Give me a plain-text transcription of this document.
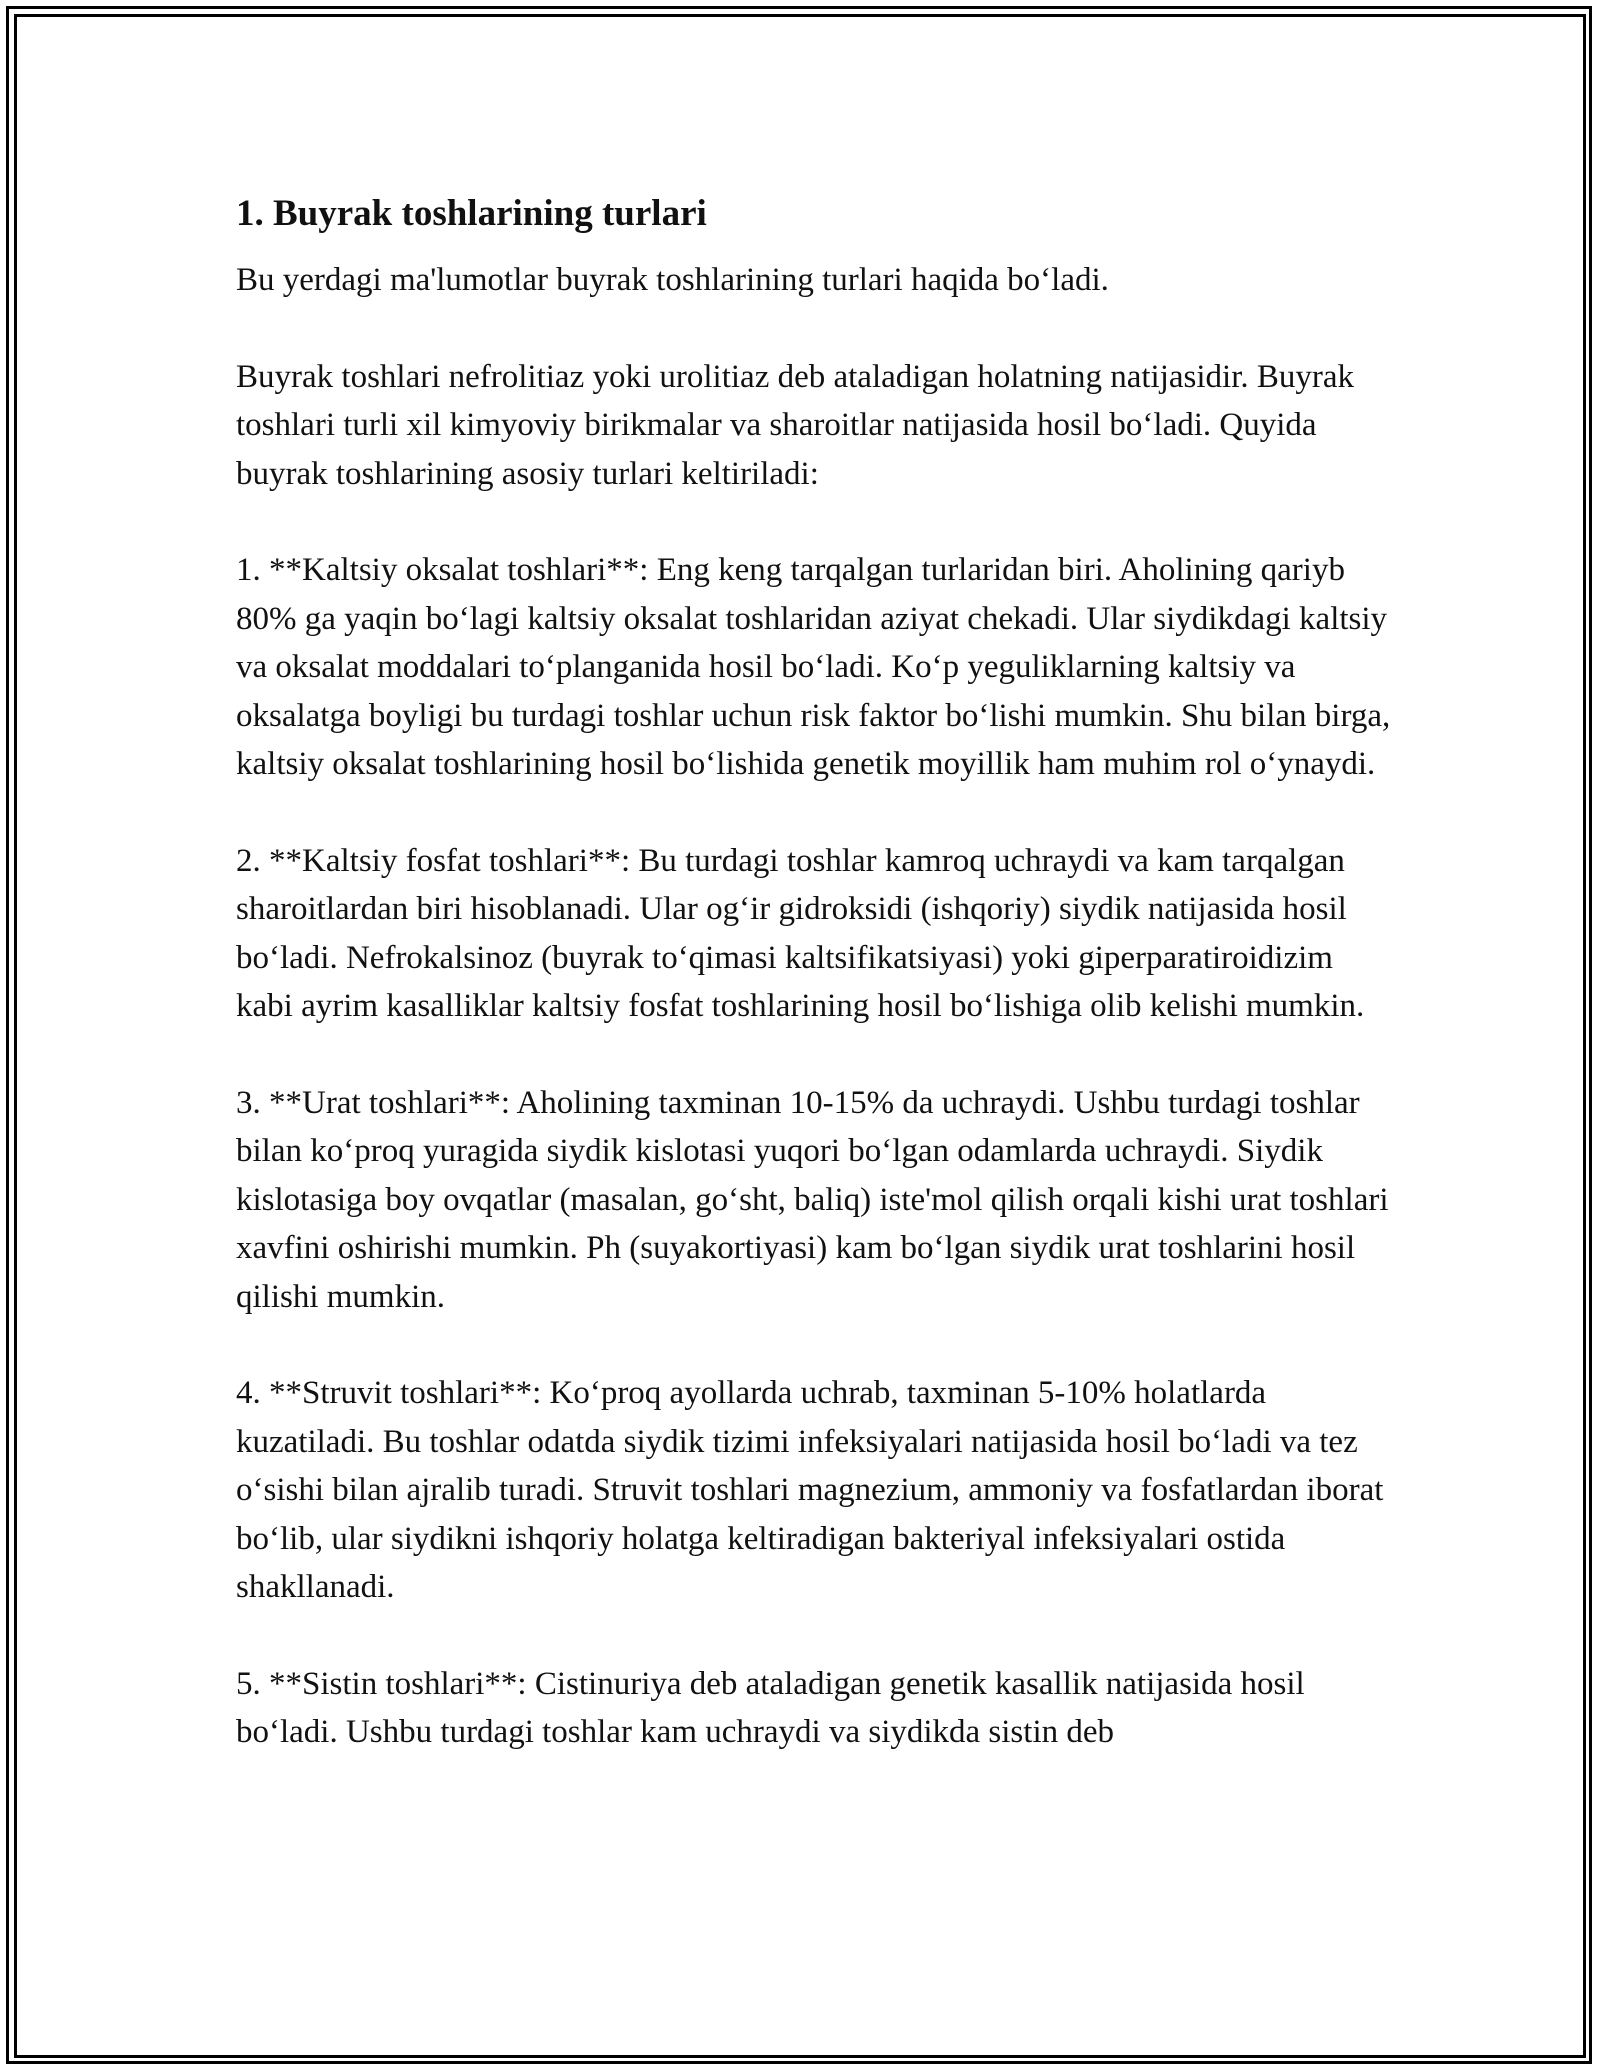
1. Buyrak toshlarining turlari

Bu yerdagi ma'lumotlar buyrak toshlarining turlari haqida bo‘ladi.

Buyrak toshlari nefrolitiaz yoki urolitiaz deb ataladigan holatning natijasidir. Buyrak toshlari turli xil kimyoviy birikmalar va sharoitlar natijasida hosil bo‘ladi. Quyida buyrak toshlarining asosiy turlari keltiriladi:

1. **Kaltsiy oksalat toshlari**: Eng keng tarqalgan turlaridan biri. Aholining qariyb 80% ga yaqin bo‘lagi kaltsiy oksalat toshlaridan aziyat chekadi. Ular siydikdagi kaltsiy va oksalat moddalari to‘planganida hosil bo‘ladi. Ko‘p yeguliklarning kaltsiy va oksalatga boyligi bu turdagi toshlar uchun risk faktor bo‘lishi mumkin. Shu bilan birga, kaltsiy oksalat toshlarining hosil bo‘lishida genetik moyillik ham muhim rol o‘ynaydi.

2. **Kaltsiy fosfat toshlari**: Bu turdagi toshlar kamroq uchraydi va kam tarqalgan sharoitlardan biri hisoblanadi. Ular og‘ir gidroksidi (ishqoriy) siydik natijasida hosil bo‘ladi. Nefrokalsinoz (buyrak to‘qimasi kaltsifikatsiyasi) yoki giperparatiroidizim kabi ayrim kasalliklar kaltsiy fosfat toshlarining hosil bo‘lishiga olib kelishi mumkin.

3. **Urat toshlari**: Aholining taxminan 10-15% da uchraydi. Ushbu turdagi toshlar bilan ko‘proq yuragida siydik kislotasi yuqori bo‘lgan odamlarda uchraydi. Siydik kislotasiga boy ovqatlar (masalan, go‘sht, baliq) iste'mol qilish orqali kishi urat toshlari xavfini oshirishi mumkin. Ph (suyakortiyasi) kam bo‘lgan siydik urat toshlarini hosil qilishi mumkin.

4. **Struvit toshlari**: Ko‘proq ayollarda uchrab, taxminan 5-10% holatlarda kuzatiladi. Bu toshlar odatda siydik tizimi infeksiyalari natijasida hosil bo‘ladi va tez o‘sishi bilan ajralib turadi. Struvit toshlari magnezium, ammoniy va fosfatlardan iborat bo‘lib, ular siydikni ishqoriy holatga keltiradigan bakteriyal infeksiyalari ostida shakllanadi.

5. **Sistin toshlari**: Cistinuriya deb ataladigan genetik kasallik natijasida hosil bo‘ladi. Ushbu turdagi toshlar kam uchraydi va siydikda sistin deb
